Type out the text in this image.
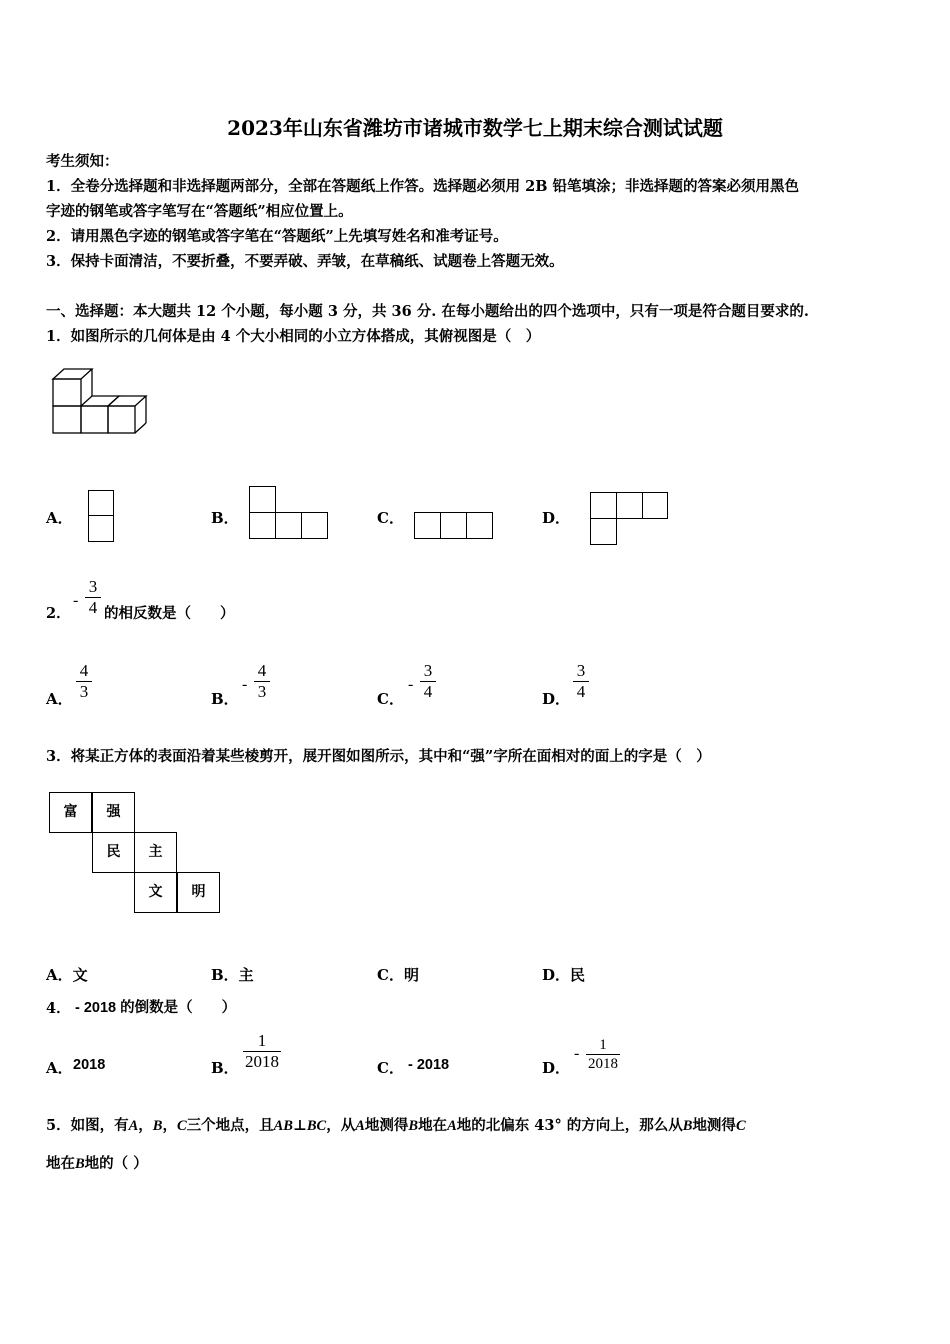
2023年山东省潍坊市诸城市数学七上期末综合测试试题
考生须知：
1．全卷分选择题和非选择题两部分，全部在答题纸上作答。选择题必须用 2B 铅笔填涂；非选择题的答案必须用黑色
字迹的钢笔或答字笔写在“答题纸”相应位置上。
2．请用黑色字迹的钢笔或答字笔在“答题纸”上先填写姓名和准考证号。
3．保持卡面清洁，不要折叠，不要弄破、弄皱，在草稿纸、试题卷上答题无效。
一、选择题：本大题共 12 个小题，每小题 3 分，共 36 分. 在每小题给出的四个选项中，只有一项是符合题目要求的.
1．如图所示的几何体是由 4 个大小相同的小立方体搭成，其俯视图是（　）
A．	B．	C．	D．
2．
-
3
4 的相反数是（　　）
A．
4
3	B．
-
4
3	C．
-
3
4	D．
3
4
3．将某正方体的表面沿着某些棱剪开，展开图如图所示，其中和“强”字所在面相对的面上的字是（　）
富	强
民	主
文	明
A．文	B．主	C．明	D．民
4． - 2018 的倒数是（　　）
A． 2018	B．
1
2018	C． - 2018	D．
-	1
2018
5．如图，有A，B，C三个地点，且AB⊥BC，从A地测得B地在A地的北偏东 43° 的方向上，那么从B地测得C
地在B地的（ ）
